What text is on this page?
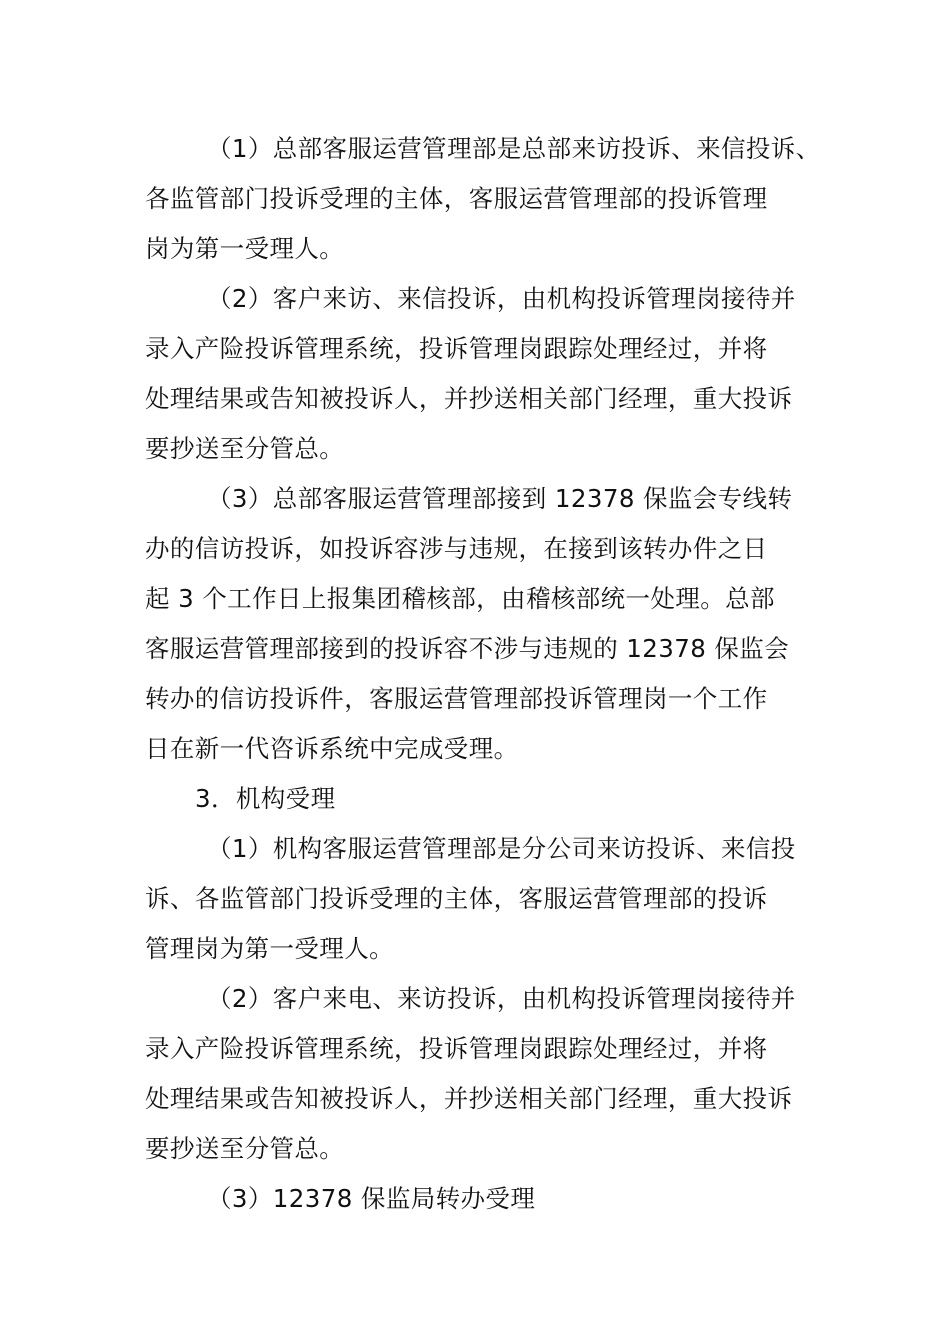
（1）总部客服运营管理部是总部来访投诉、来信投诉、
各监管部门投诉受理的主体，客服运营管理部的投诉管理
岗为第一受理人。
（2）客户来访、来信投诉，由机构投诉管理岗接待并
录入产险投诉管理系统，投诉管理岗跟踪处理经过，并将
处理结果或告知被投诉人，并抄送相关部门经理，重大投诉
要抄送至分管总。
（3）总部客服运营管理部接到 12378 保监会专线转
办的信访投诉，如投诉容涉与违规，在接到该转办件之日
起 3 个工作日上报集团稽核部，由稽核部统一处理。总部
客服运营管理部接到的投诉容不涉与违规的 12378 保监会
转办的信访投诉件，客服运营管理部投诉管理岗一个工作
日在新一代咨诉系统中完成受理。
3．机构受理
（1）机构客服运营管理部是分公司来访投诉、来信投
诉、各监管部门投诉受理的主体，客服运营管理部的投诉
管理岗为第一受理人。
（2）客户来电、来访投诉，由机构投诉管理岗接待并
录入产险投诉管理系统，投诉管理岗跟踪处理经过，并将
处理结果或告知被投诉人，并抄送相关部门经理，重大投诉
要抄送至分管总。
（3）12378 保监局转办受理
